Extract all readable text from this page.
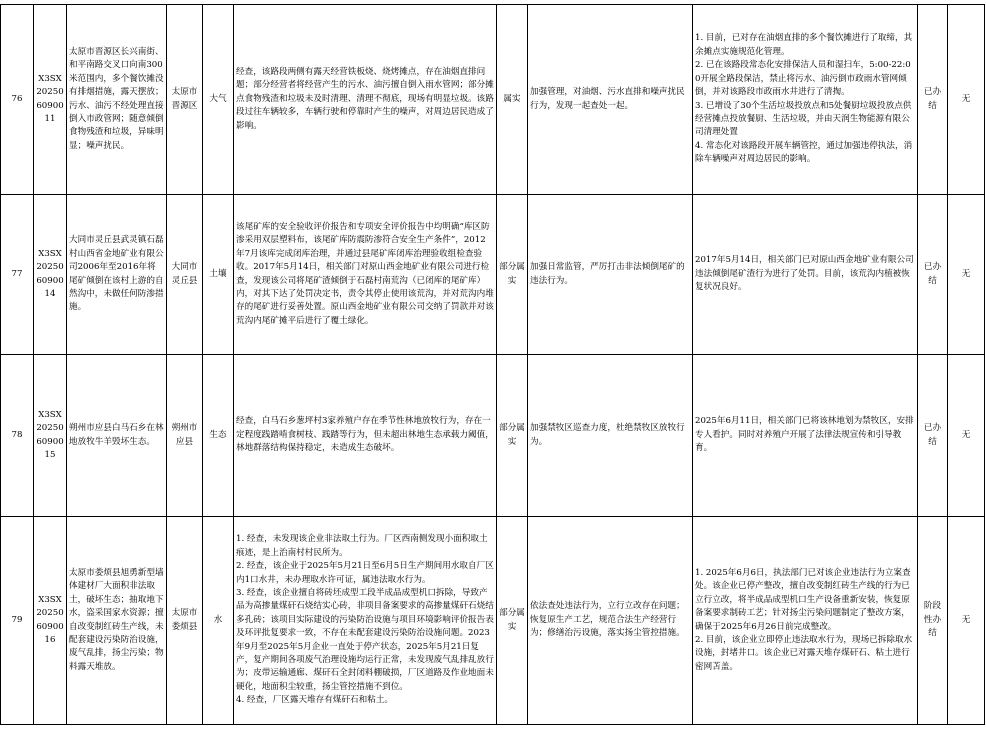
76	X3SX202506090011	太原市晋源区长兴南街、和平南路交叉口向南300米范围内，多个餐饮摊没有排烟措施，露天摆放；污水、油污不经处理直接倒入市政管网；随意倾倒食物残渣和垃圾，异味明显；噪声扰民。	太原市晋源区	大气	经查，该路段两侧有露天经营铁板烧、烧烤摊点，存在油烟直排问题；部分经营者将经营产生的污水、油污擅自倒入雨水管网；部分摊点食物残渣和垃圾未及时清理、清理不彻底，现场有明显垃圾。该路段过往车辆较多，车辆行驶和停靠时产生的噪声，对周边居民造成了影响。	属实	加强管理，对油烟、污水直排和噪声扰民行为，发现一起查处一起。	1. 目前，已对存在油烟直排的多个餐饮摊进行了取缔，其余摊点实施规范化管理。
2. 已在该路段常态化安排保洁人员和湿扫车，5:00-22:00开展全路段保洁，禁止将污水、油污倒市政雨水管网倾倒，并对该路段市政雨水井进行了清掏。
3. 已增设了30个生活垃圾投放点和5处餐厨垃圾投放点供经营摊点投放餐厨、生活垃圾，并由天润生物能源有限公司清理处置
4. 常态化对该路段开展车辆管控，通过加强违停执法，消除车辆噪声对周边居民的影响。	已办结	无
77	X3SX202506090014	大同市灵丘县武灵镇石磊村山西省金地矿业有限公司2006年至2016年将尾矿倾倒在该村上游的自然沟中，未做任何防渗措施。	大同市灵丘县	土壤	该尾矿库的安全验收评价报告和专项安全评价报告中均明确“库区防渗采用双层塑料布，该尾矿库防震防渗符合安全生产条件”，2012年7月该库完成闭库治理，并通过县尾矿库闭库治理验收组检查验收。2017年5月14日，相关部门对原山西金地矿业有限公司进行检查，发现该公司将尾矿渣倾倒于石磊村南荒沟（已闭库的尾矿库）内，对其下达了处罚决定书，责令其停止使用该荒沟，并对荒沟内堆存的尾矿进行妥善处置。原山西金地矿业有限公司交纳了罚款并对该荒沟内尾矿摊平后进行了覆土绿化。	部分属实	加强日常监管，严厉打击非法倾倒尾矿的违法行为。	2017年5月14日，相关部门已对原山西金地矿业有限公司违法倾倒尾矿渣行为进行了处罚。目前，该荒沟内植被恢复状况良好。	已办结	无
78	X3SX202506090015	朔州市应县白马石乡在林地放牧牛羊毁坏生态。	朔州市应县	生态	经查，白马石乡葱坪村3家养殖户存在季节性林地放牧行为，存在一定程度践踏啃食树枝、践踏等行为，但未超出林地生态承载力阈值，林地群落结构保持稳定，未造成生态破坏。	部分属实	加强禁牧区巡查力度，杜绝禁牧区放牧行为。	2025年6月11日，相关部门已将该林地划为禁牧区，安排专人看护。同时对养殖户开展了法律法规宣传和引导教育。	已办结	无
79	X3SX202506090016	太原市娄烦县旭勇新型墙体建材厂大面积非法取土，破坏生态；抽取地下水，盗采国家水资源；擅自改变制红砖生产线，未配套建设污染防治设施，废气乱排，扬尘污染；物料露天堆放。	太原市娄烦县	水	1. 经查，未发现该企业非法取土行为。厂区西南侧发现小面积取土痕迹，是上治南村村民所为。
2. 经查，该企业于2025年5月21日至6月5日生产期间用水取自厂区内1口水井，未办理取水许可证，属违法取水行为。
3. 经查，该企业擅自将砖坯成型工段半成品成型机口拆除，导致产品为高掺量煤矸石烧结实心砖，非项目备案要求的高掺量煤矸石烧结多孔砖；该项目实际建设的污染防治设施与项目环境影响评价报告表及环评批复要求一致，不存在未配套建设污染防治设施问题。2023年9月至2025年5月企业一直处于停产状态，2025年5月21日复产，复产期间各项废气治理设施均运行正常，未发现废气乱排乱放行为；皮带运输通廊、煤矸石全封闭料棚破损，厂区道路及作业地面未硬化，地面积尘较重，扬尘管控措施不到位。
4. 经查，厂区露天堆存有煤矸石和粘土。	部分属实	依法查处违法行为，立行立改存在问题；恢复原生产工艺，规范合法生产经营行为；修缮治污设施，落实扬尘管控措施。	1. 2025年6月6日，执法部门已对该企业违法行为立案查处。该企业已停产整改，擅自改变制红砖生产线的行为已立行立改，将半成品成型机口生产设备重新安装，恢复原备案要求制砖工艺；针对扬尘污染问题制定了整改方案，确保于2025年6月26日前完成整改。
2. 目前，该企业立即停止违法取水行为，现场已拆除取水设施，封堵井口。该企业已对露天堆存煤矸石、粘土进行密网苫盖。	阶段性办结	无
